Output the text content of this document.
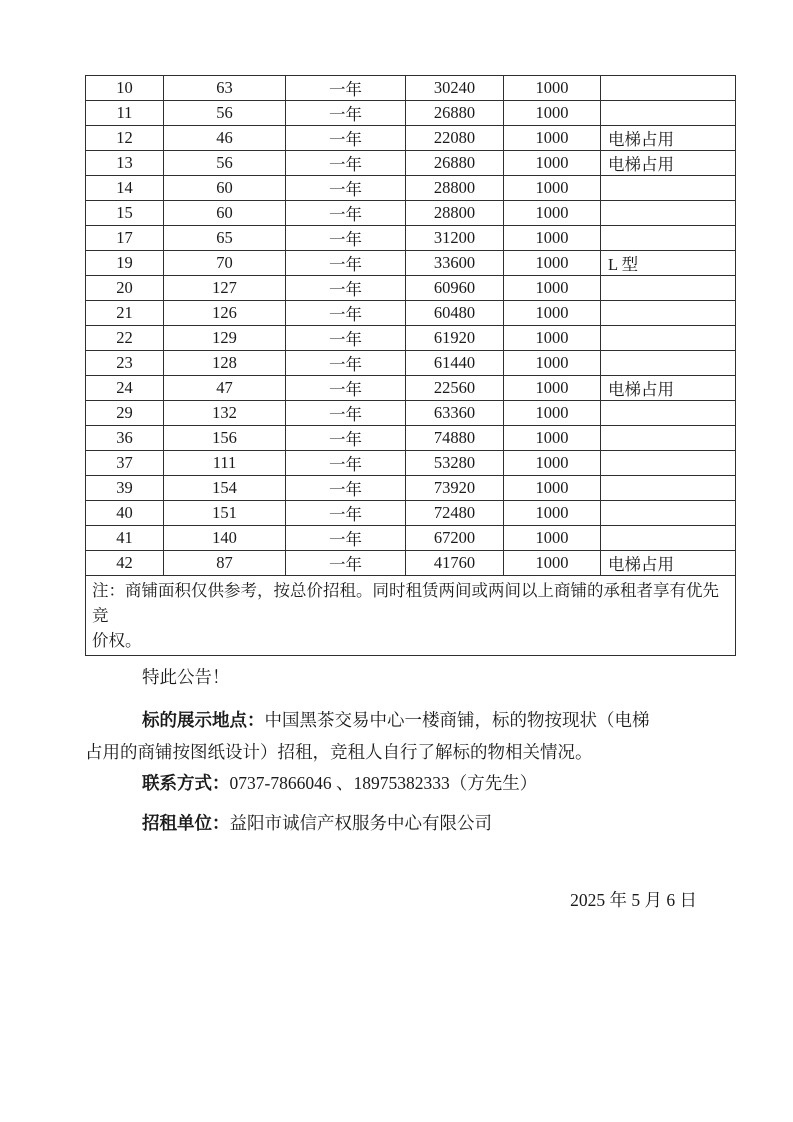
10	63	一年	30240	1000	
11	56	一年	26880	1000	
12	46	一年	22080	1000	电梯占用
13	56	一年	26880	1000	电梯占用
14	60	一年	28800	1000	
15	60	一年	28800	1000	
17	65	一年	31200	1000	
19	70	一年	33600	1000	L 型
20	127	一年	60960	1000	
21	126	一年	60480	1000	
22	129	一年	61920	1000	
23	128	一年	61440	1000	
24	47	一年	22560	1000	电梯占用
29	132	一年	63360	1000	
36	156	一年	74880	1000	
37	111	一年	53280	1000	
39	154	一年	73920	1000	
40	151	一年	72480	1000	
41	140	一年	67200	1000	
42	87	一年	41760	1000	电梯占用

注：商铺面积仅供参考，按总价招租。同时租赁两间或两间以上商铺的承租者享有优先竞
价权。					
特此公告！
标的展示地点：中国黑茶交易中心一楼商铺，标的物按现状（电梯
占用的商铺按图纸设计）招租，竞租人自行了解标的物相关情况。
联系方式：0737-7866046 、18975382333（方先生）
招租单位：益阳市诚信产权服务中心有限公司
2025 年 5 月 6 日
